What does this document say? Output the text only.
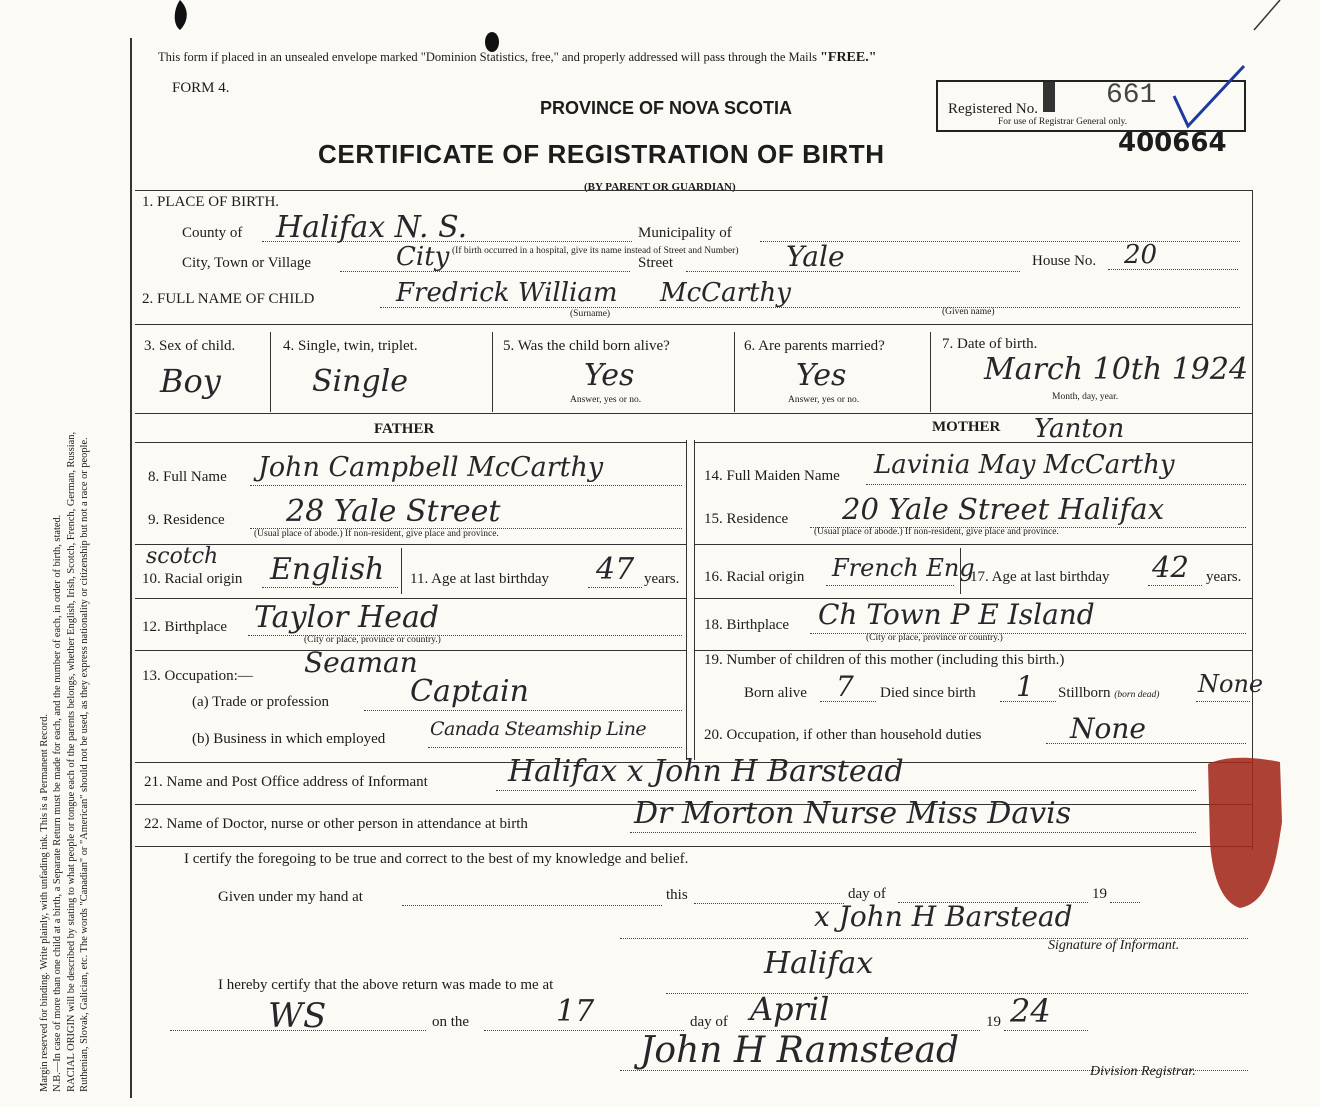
Margin reserved for binding. Write plainly, with unfading ink. This is a Permanent Record. N.B.—In case of more than one child at a birth, a Separate Return must be made for each, and the number of each, in order of birth, stated. RACIAL ORIGIN will be described by stating to what people or tongue each of the parents belongs, whether English, Irish, Scotch, French, German, Russian, Ruthenian, Slovak, Galician, etc. The words "Canadian" or "American" should not be used, as they express nationality or citizenship but not a race or people.
This form if placed in an unsealed envelope marked "Dominion Statistics, free," and properly addressed will pass through the Mails "FREE."
FORM 4.
PROVINCE OF NOVA SCOTIA
CERTIFICATE OF REGISTRATION OF BIRTH
(BY PARENT OR GUARDIAN)
Registered No. 661
For use of Registrar General only.
400664
1. PLACE OF BIRTH.
County of Halifax N. S.	Municipality of
City, Town or Village	City	Street	Yale	House No. 20
(If birth occurred in a hospital, give its name instead of Street and Number)
2. FULL NAME OF CHILD	Fredrick William McCarthy
(Surname)	(Given name)
3. Sex of child.
Boy
4. Single, twin, triplet.
Single
5. Was the child born alive?
Yes
Answer, yes or no.
6. Are parents married?
Yes
Answer, yes or no.
7. Date of birth.
March 10th 1924
Month, day, year.
FATHER
8. Full Name John Campbell McCarthy
9. Residence 28 Yale Street
(Usual place of abode.) If non-resident, give place and province.
scotch
10. Racial origin English 11. Age at last birthday 47 years.
12. Birthplace Taylor Head
(City or place, province or country.)
13. Occupation:— Seaman
(a) Trade or profession	Captain
(b) Business in which employed Canada Steamship Line
MOTHER Yanton
14. Full Maiden Name Lavinia May McCarthy
15. Residence 20 Yale Street Halifax
(Usual place of abode.) If non-resident, give place and province.
16. Racial origin French Eng
17. Age at last birthday 42 years.
18. Birthplace Ch Town P E Island
(City or place, province or country.)
19. Number of children of this mother (including this birth.)
Born alive 7 Died since birth 1 Stillborn (born dead) None
20. Occupation, if other than household duties	None
21. Name and Post Office address of Informant	Halifax x John H Barstead
22. Name of Doctor, nurse or other person in attendance at birth	Dr Morton Nurse Miss Davis
I certify the foregoing to be true and correct to the best of my knowledge and belief.
Given under my hand at	this	day of	19
x John H Barstead
Signature of Informant.
I hereby certify that the above return was made to me at
Halifax
WS	on the	17	day of April	19 24
John H Ramstead
Division Registrar.
